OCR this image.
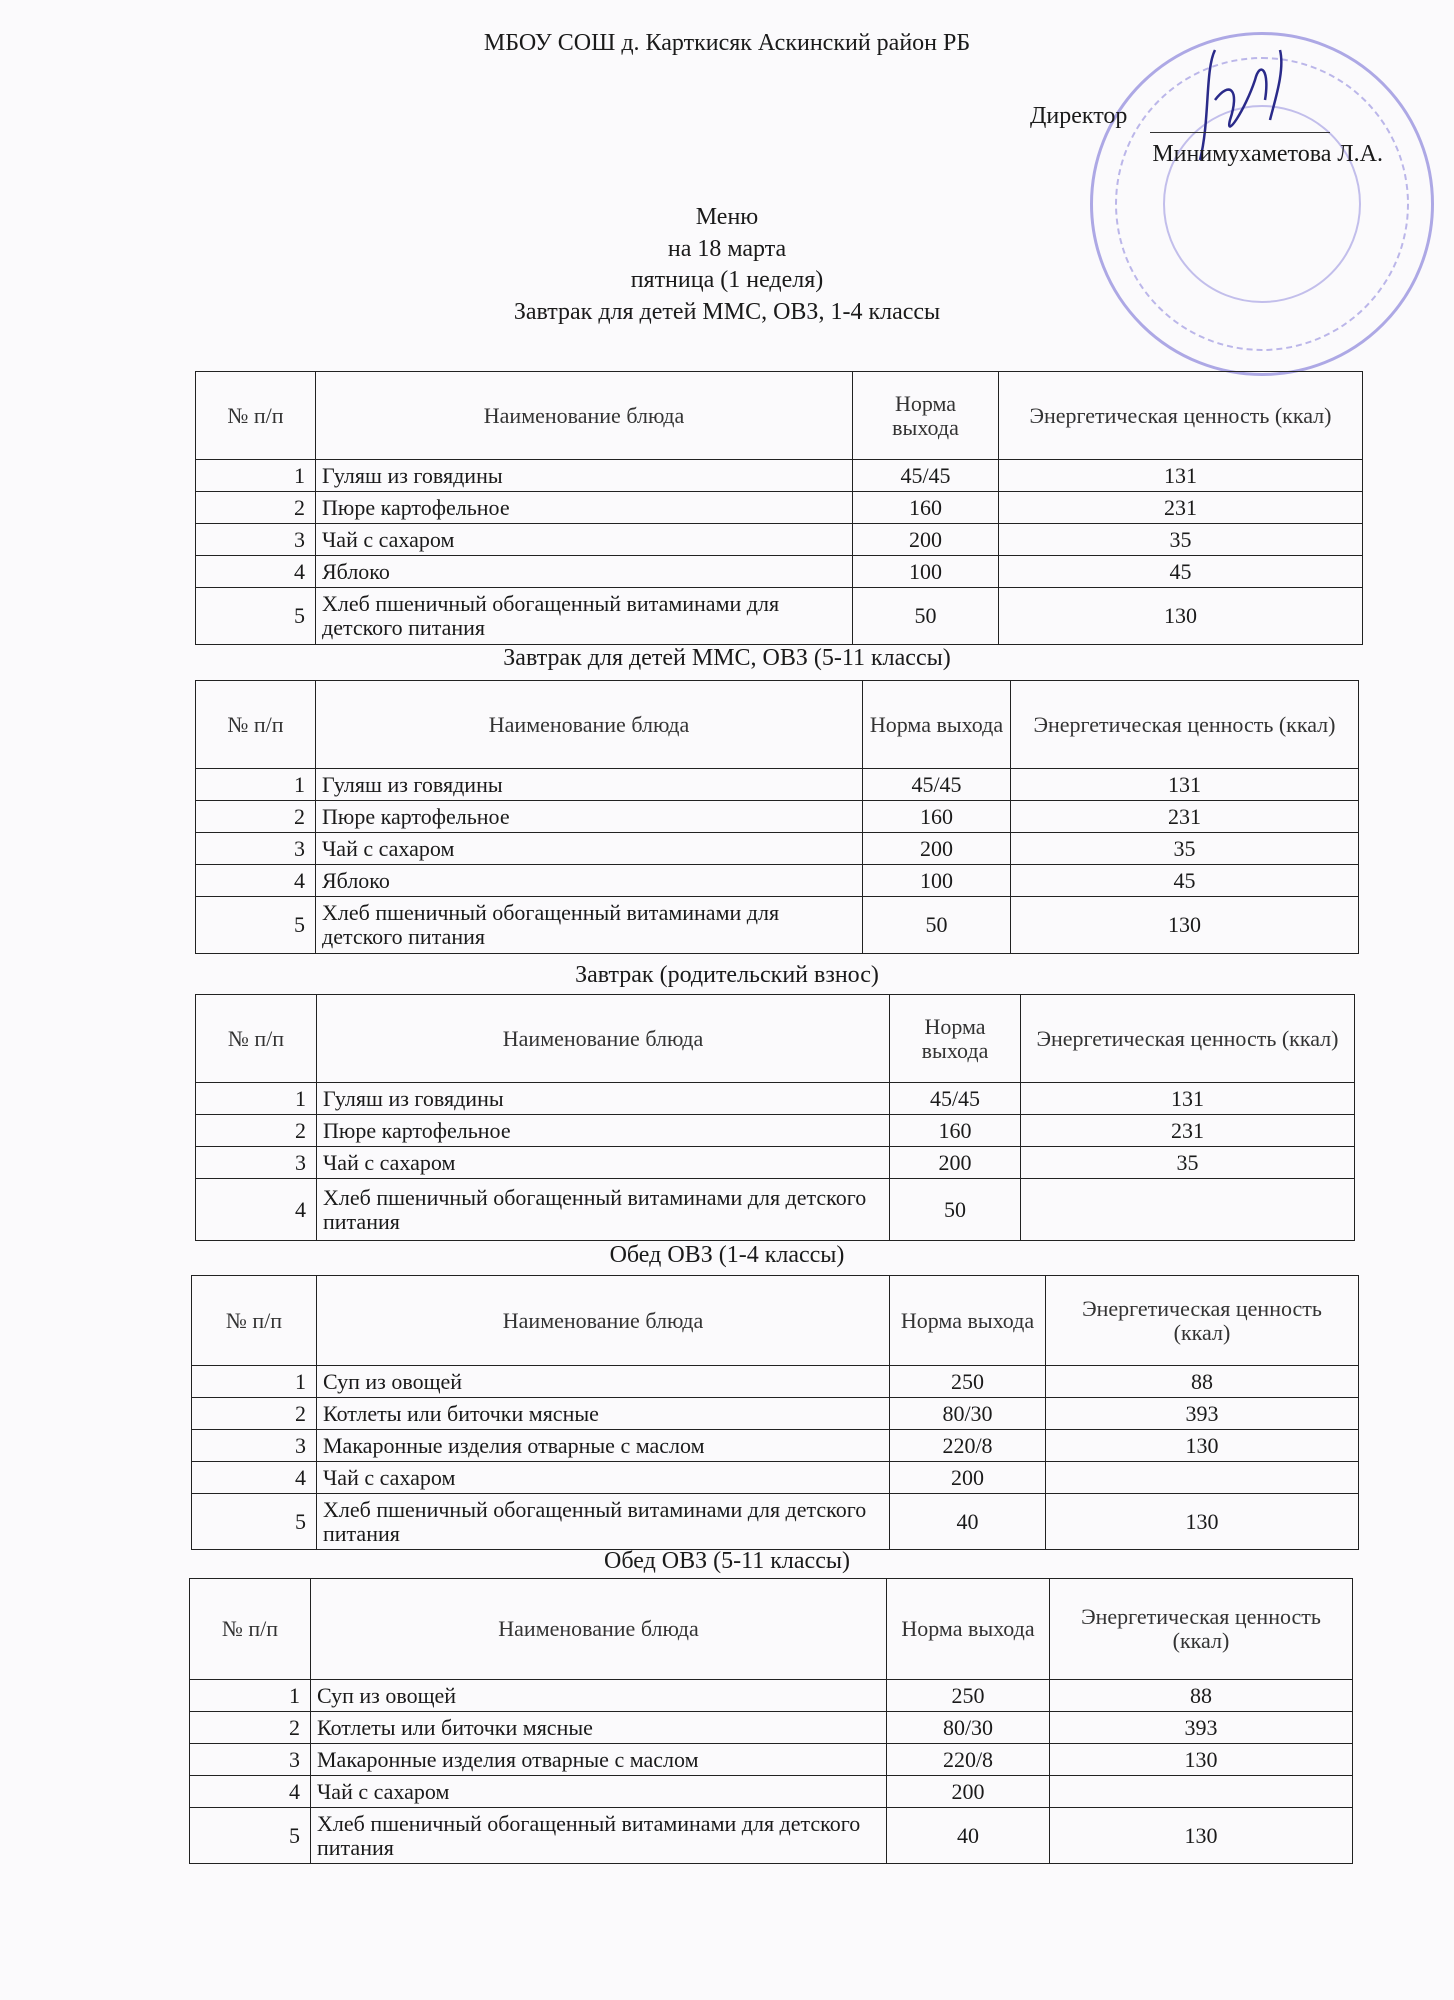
МБОУ СОШ д. Карткисяк Аскинский район РБ
Директор
Минимухаметова Л.А.
Меню
на 18 марта
пятница (1 неделя)
Завтрак для детей ММС, ОВЗ, 1-4 классы
№ п/п	Наименование блюда	Норма выхода	Энергетическая ценность (ккал)
1	Гуляш из говядины	45/45	131
2	Пюре картофельное	160	231
3	Чай с сахаром	200	35
4	Яблоко	100	45
5	Хлеб пшеничный обогащенный витаминами для детского питания	50	130
Завтрак для детей ММС, ОВЗ (5-11 классы)
№ п/п	Наименование блюда	Норма выхода	Энергетическая ценность (ккал)
1	Гуляш из говядины	45/45	131
2	Пюре картофельное	160	231
3	Чай с сахаром	200	35
4	Яблоко	100	45
5	Хлеб пшеничный обогащенный витаминами для детского питания	50	130
Завтрак (родительский взнос)
№ п/п	Наименование блюда	Норма выхода	Энергетическая ценность (ккал)
1	Гуляш из говядины	45/45	131
2	Пюре картофельное	160	231
3	Чай с сахаром	200	35
4	Хлеб пшеничный обогащенный витаминами для детского питания	50	
Обед ОВЗ (1-4 классы)
№ п/п	Наименование блюда	Норма выхода	Энергетическая ценность (ккал)
1	Суп из овощей	250	88
2	Котлеты или биточки мясные	80/30	393
3	Макаронные изделия отварные с маслом	220/8	130
4	Чай с сахаром	200	
5	Хлеб пшеничный обогащенный витаминами для детского питания	40	130
Обед ОВЗ (5-11 классы)
№ п/п	Наименование блюда	Норма выхода	Энергетическая ценность (ккал)
1	Суп из овощей	250	88
2	Котлеты или биточки мясные	80/30	393
3	Макаронные изделия отварные с маслом	220/8	130
4	Чай с сахаром	200	
5	Хлеб пшеничный обогащенный витаминами для детского питания	40	130
